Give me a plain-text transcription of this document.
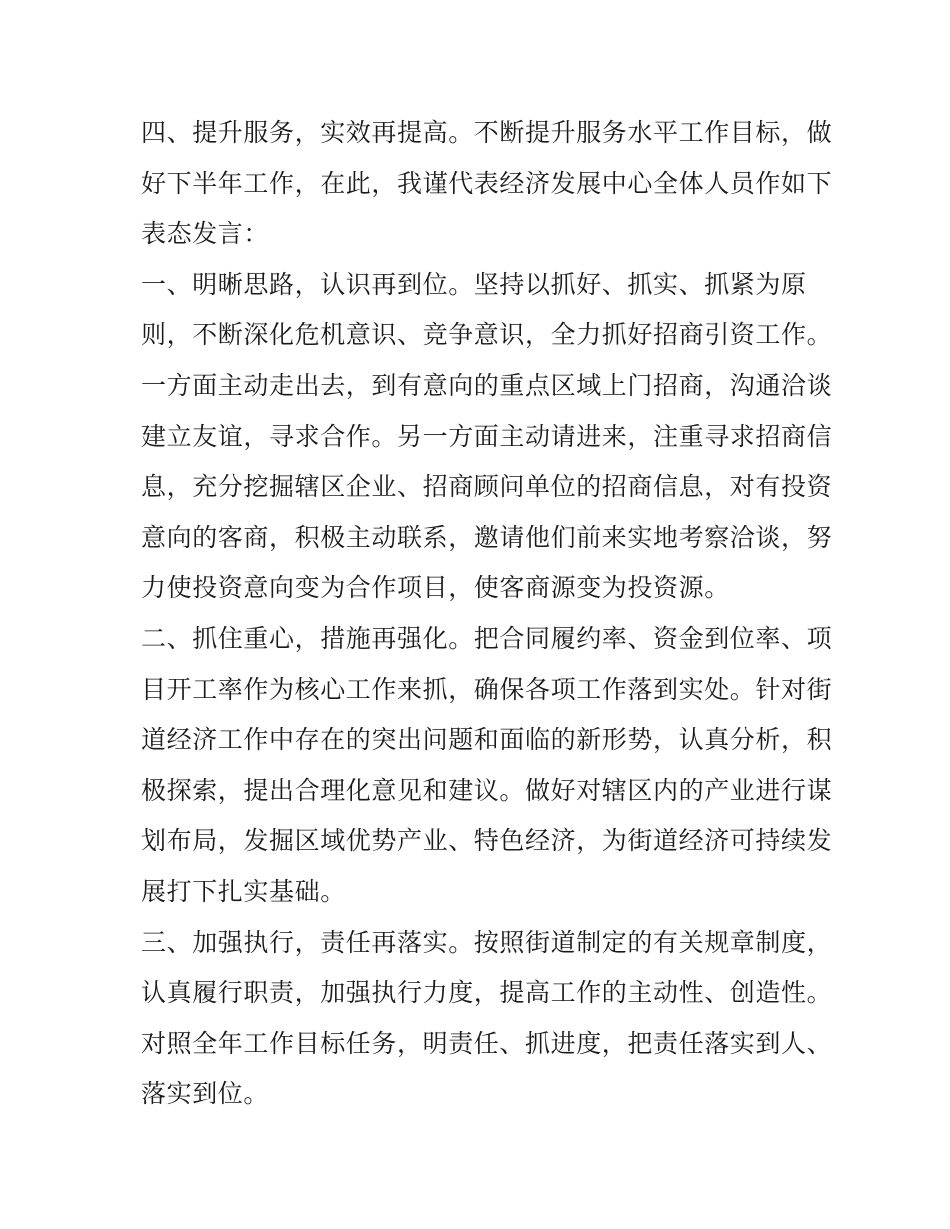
四、提升服务，实效再提高。不断提升服务水平工作目标，做
好下半年工作，在此，我谨代表经济发展中心全体人员作如下
表态发言：
一、明晰思路，认识再到位。坚持以抓好、抓实、抓紧为原
则，不断深化危机意识、竞争意识，全力抓好招商引资工作。
一方面主动走出去，到有意向的重点区域上门招商，沟通洽谈
建立友谊，寻求合作。另一方面主动请进来，注重寻求招商信
息，充分挖掘辖区企业、招商顾问单位的招商信息，对有投资
意向的客商，积极主动联系，邀请他们前来实地考察洽谈，努
力使投资意向变为合作项目，使客商源变为投资源。
二、抓住重心，措施再强化。把合同履约率、资金到位率、项
目开工率作为核心工作来抓，确保各项工作落到实处。针对街
道经济工作中存在的突出问题和面临的新形势，认真分析，积
极探索，提出合理化意见和建议。做好对辖区内的产业进行谋
划布局，发掘区域优势产业、特色经济，为街道经济可持续发
展打下扎实基础。
三、加强执行，责任再落实。按照街道制定的有关规章制度，
认真履行职责，加强执行力度，提高工作的主动性、创造性。
对照全年工作目标任务，明责任、抓进度，把责任落实到人、
落实到位。
